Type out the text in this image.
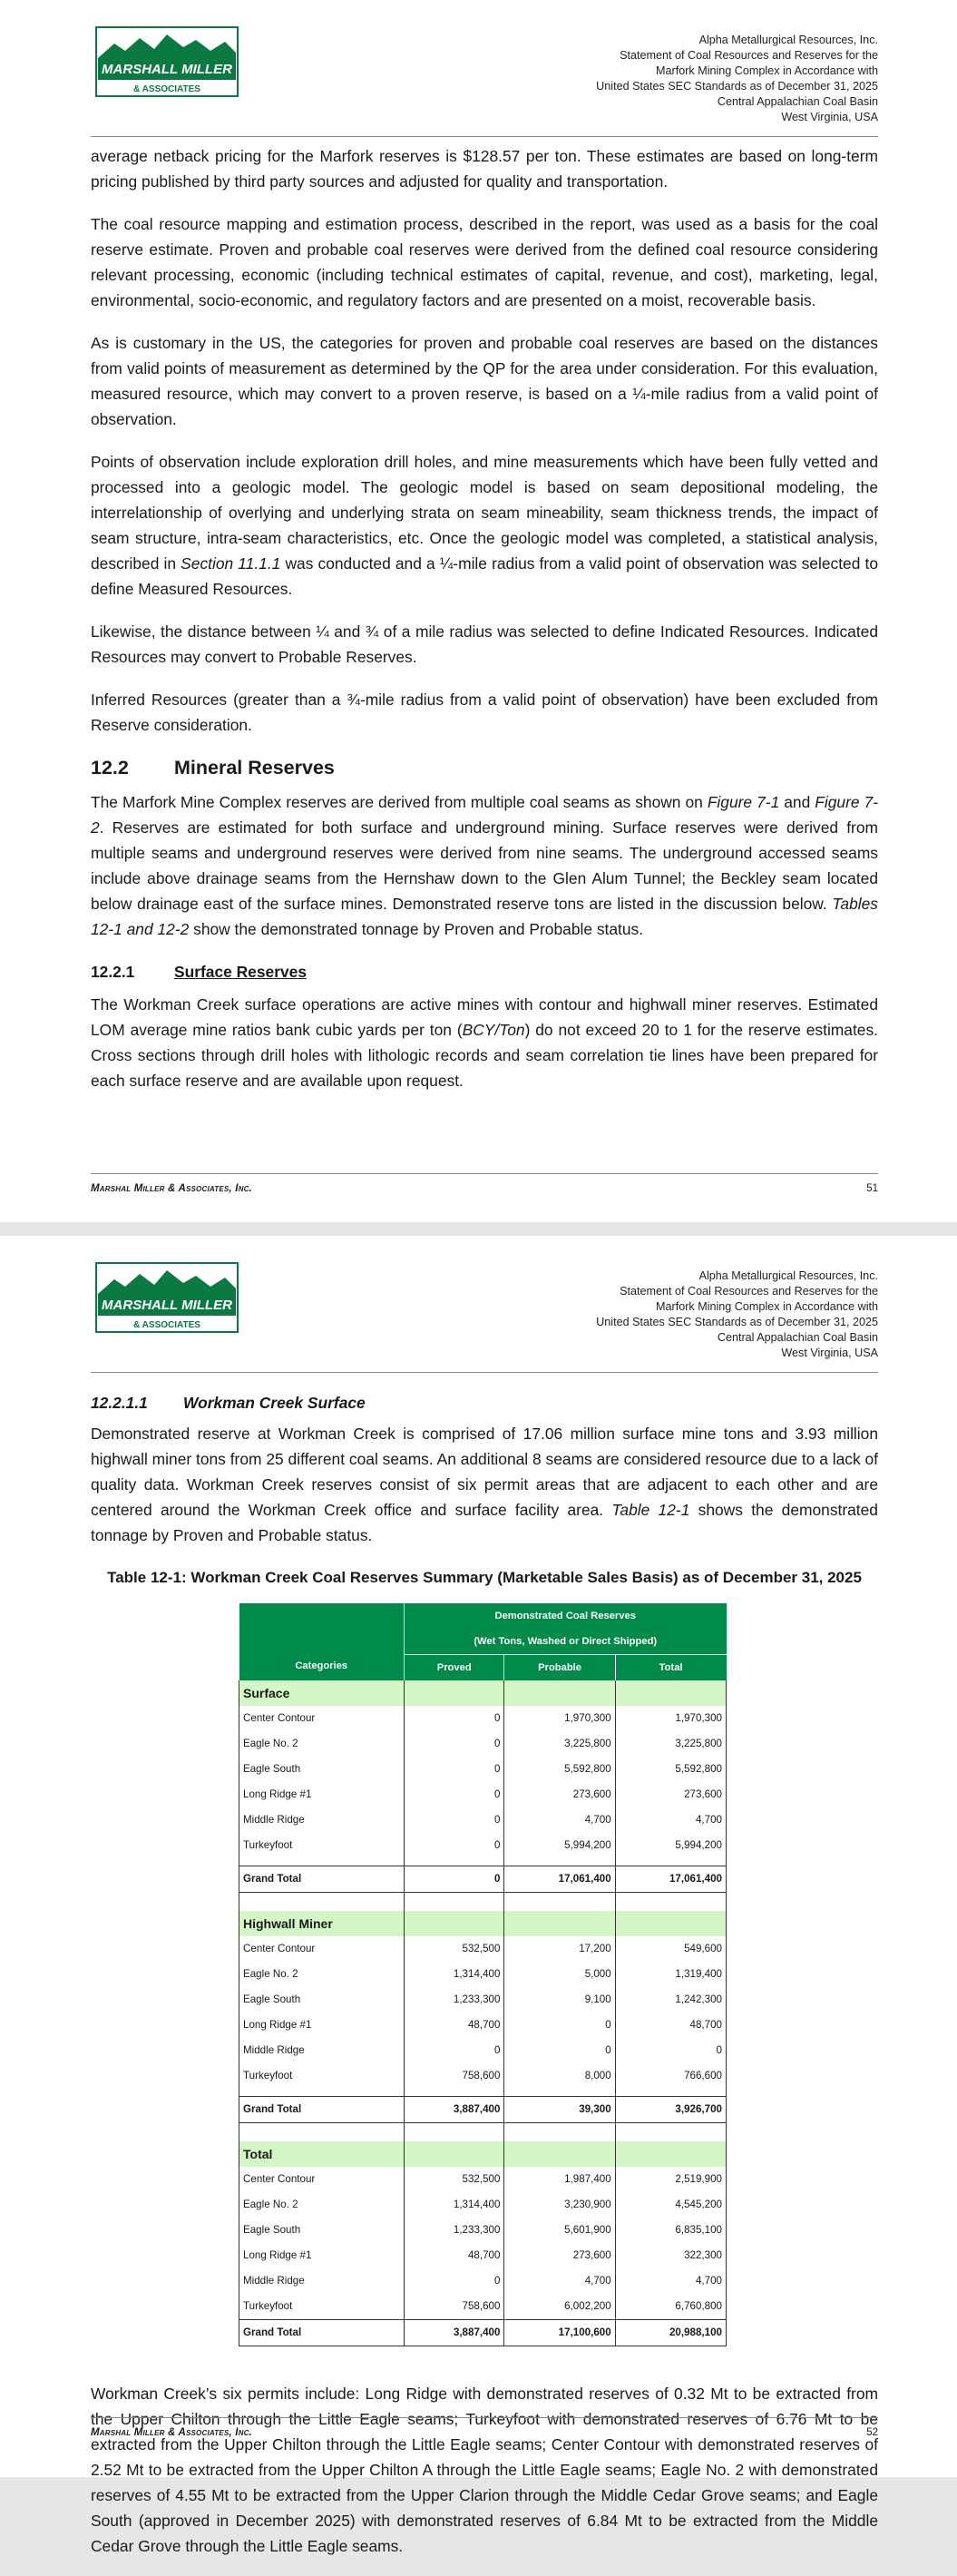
MARSHALL MILLER
& ASSOCIATES
Alpha Metallurgical Resources, Inc.
Statement of Coal Resources and Reserves for the
Marfork Mining Complex in Accordance with
United States SEC Standards as of December 31, 2025
Central Appalachian Coal Basin
West Virginia, USA

average netback pricing for the Marfork reserves is $128.57 per ton. These estimates are based on long-term pricing published by third party sources and adjusted for quality and transportation.

The coal resource mapping and estimation process, described in the report, was used as a basis for the coal reserve estimate. Proven and probable coal reserves were derived from the defined coal resource considering relevant processing, economic (including technical estimates of capital, revenue, and cost), marketing, legal, environmental, socio-economic, and regulatory factors and are presented on a moist, recoverable basis.

As is customary in the US, the categories for proven and probable coal reserves are based on the distances from valid points of measurement as determined by the QP for the area under consideration. For this evaluation, measured resource, which may convert to a proven reserve, is based on a ¼-mile radius from a valid point of observation.

Points of observation include exploration drill holes, and mine measurements which have been fully vetted and processed into a geologic model. The geologic model is based on seam depositional modeling, the interrelationship of overlying and underlying strata on seam mineability, seam thickness trends, the impact of seam structure, intra-seam characteristics, etc. Once the geologic model was completed, a statistical analysis, described in Section 11.1.1 was conducted and a ¼-mile radius from a valid point of observation was selected to define Measured Resources.

Likewise, the distance between ¼ and ¾ of a mile radius was selected to define Indicated Resources. Indicated Resources may convert to Probable Reserves.

Inferred Resources (greater than a ¾-mile radius from a valid point of observation) have been excluded from Reserve consideration.

12.2 Mineral Reserves

The Marfork Mine Complex reserves are derived from multiple coal seams as shown on Figure 7-1 and Figure 7-2. Reserves are estimated for both surface and underground mining. Surface reserves were derived from multiple seams and underground reserves were derived from nine seams. The underground accessed seams include above drainage seams from the Hernshaw down to the Glen Alum Tunnel; the Beckley seam located below drainage east of the surface mines. Demonstrated reserve tons are listed in the discussion below. Tables 12-1 and 12-2 show the demonstrated tonnage by Proven and Probable status.

12.2.1	Surface Reserves

The Workman Creek surface operations are active mines with contour and highwall miner reserves. Estimated LOM average mine ratios bank cubic yards per ton (BCY/Ton) do not exceed 20 to 1 for the reserve estimates. Cross sections through drill holes with lithologic records and seam correlation tie lines have been prepared for each surface reserve and are available upon request.

Marshal Miller & Associates, Inc.	51
MARSHALL MILLER
& ASSOCIATES
Alpha Metallurgical Resources, Inc.
Statement of Coal Resources and Reserves for the
Marfork Mining Complex in Accordance with
United States SEC Standards as of December 31, 2025
Central Appalachian Coal Basin
West Virginia, USA
12.2.1.1 Workman Creek Surface

Demonstrated reserve at Workman Creek is comprised of 17.06 million surface mine tons and 3.93 million highwall miner tons from 25 different coal seams. An additional 8 seams are considered resource due to a lack of quality data. Workman Creek reserves consist of six permit areas that are adjacent to each other and are centered around the Workman Creek office and surface facility area. Table 12-1 shows the demonstrated tonnage by Proven and Probable status.

Table 12-1: Workman Creek Coal Reserves Summary (Marketable Sales Basis) as of December 31, 2025
Categories	Demonstrated Coal Reserves
(Wet Tons, Washed or Direct Shipped)		

	Proved	Probable	Total
Surface			
Center Contour	0	1,970,300	1,970,300
Eagle No. 2	0	3,225,800	3,225,800
Eagle South	0	5,592,800	5,592,800
Long Ridge #1	0	273,600	273,600
Middle Ridge	0	4,700	4,700
Turkeyfoot	0	5,994,200	5,994,200

Grand Total	0	17,061,400	17,061,400

Highwall Miner			
Center Contour	532,500	17,200	549,600
Eagle No. 2	1,314,400	5,000	1,319,400
Eagle South	1,233,300	9,100	1,242,300
Long Ridge #1	48,700	0	48,700
Middle Ridge	0	0	0
Turkeyfoot	758,600	8,000	766,600

Grand Total	3,887,400	39,300	3,926,700

Total			
Center Contour	532,500	1,987,400	2,519,900
Eagle No. 2	1,314,400	3,230,900	4,545,200
Eagle South	1,233,300	5,601,900	6,835,100
Long Ridge #1	48,700	273,600	322,300
Middle Ridge	0	4,700	4,700
Turkeyfoot	758,600	6,002,200	6,760,800
Grand Total	3,887,400	17,100,600	20,988,100

Workman Creek’s six permits include: Long Ridge with demonstrated reserves of 0.32 Mt to be extracted from the Upper Chilton through the Little Eagle seams; Turkeyfoot with demonstrated reserves of 6.76 Mt to be extracted from the Upper Chilton through the Little Eagle seams; Center Contour with demonstrated reserves of 2.52 Mt to be extracted from the Upper Chilton A through the Little Eagle seams; Eagle No. 2 with demonstrated reserves of 4.55 Mt to be extracted from the Upper Clarion through the Middle Cedar Grove seams; and Eagle South (approved in December 2025) with demonstrated reserves of 6.84 Mt to be extracted from the Middle Cedar Grove through the Little Eagle seams.

Marshal Miller & Associates, Inc.	52
